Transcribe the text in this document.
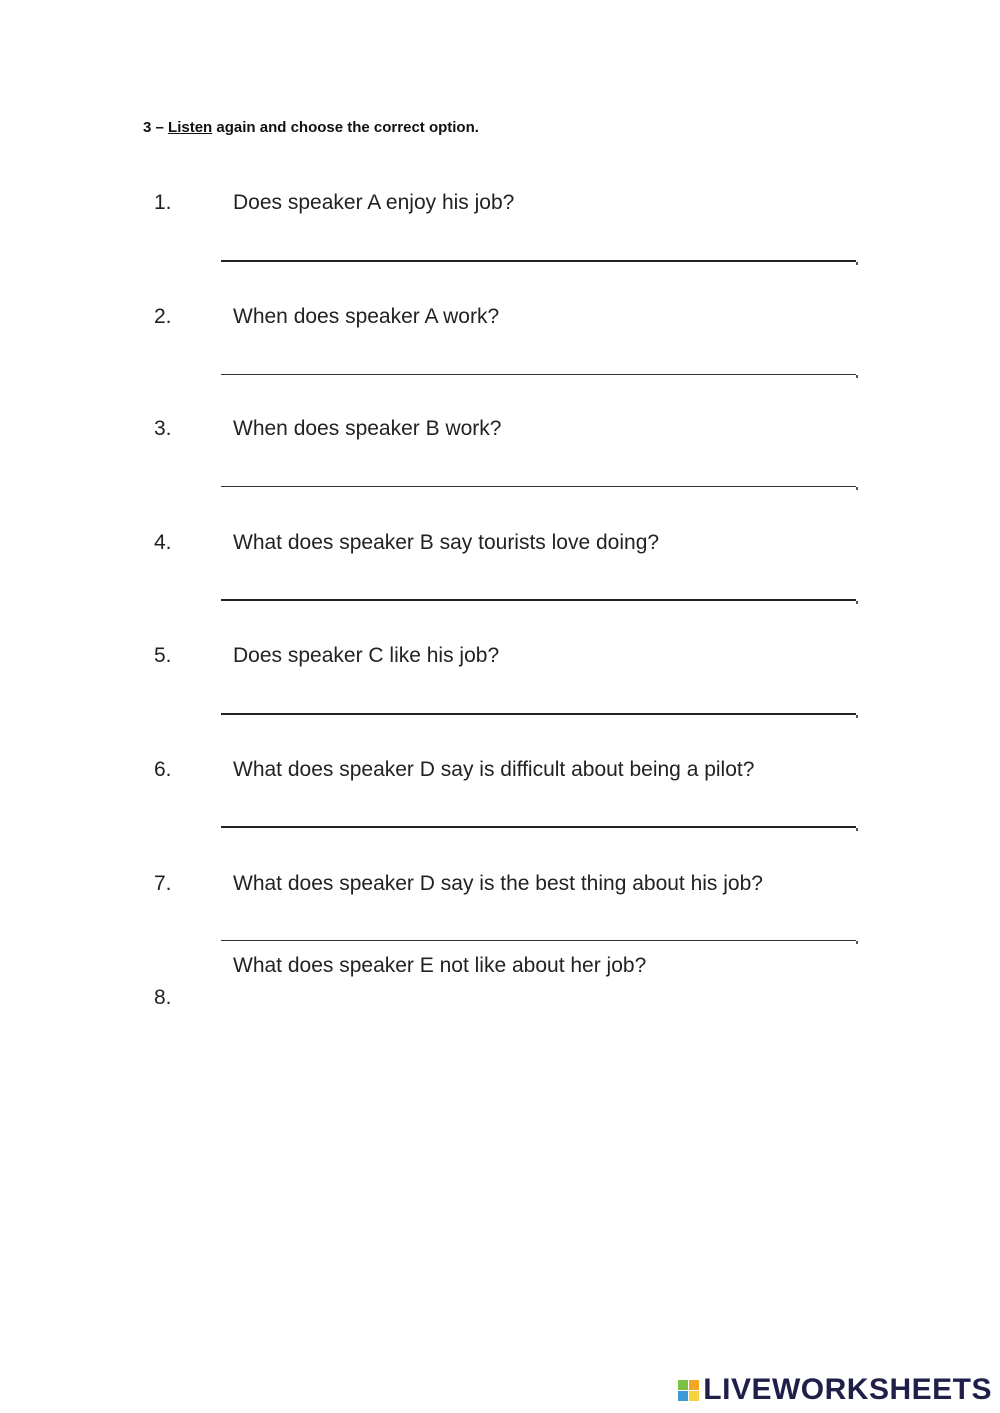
3 – Listen again and choose the correct option.
1.	Does speaker A enjoy his job?
2.	When does speaker A work?
3.	When does speaker B work?
4.	What does speaker B say tourists love doing?
5.	Does speaker C like his job?
6.	What does speaker D say is difficult about being a pilot?
7.	What does speaker D say is the best thing about his job?
What does speaker E not like about her job?
8.
LIVEWORKSHEETS
